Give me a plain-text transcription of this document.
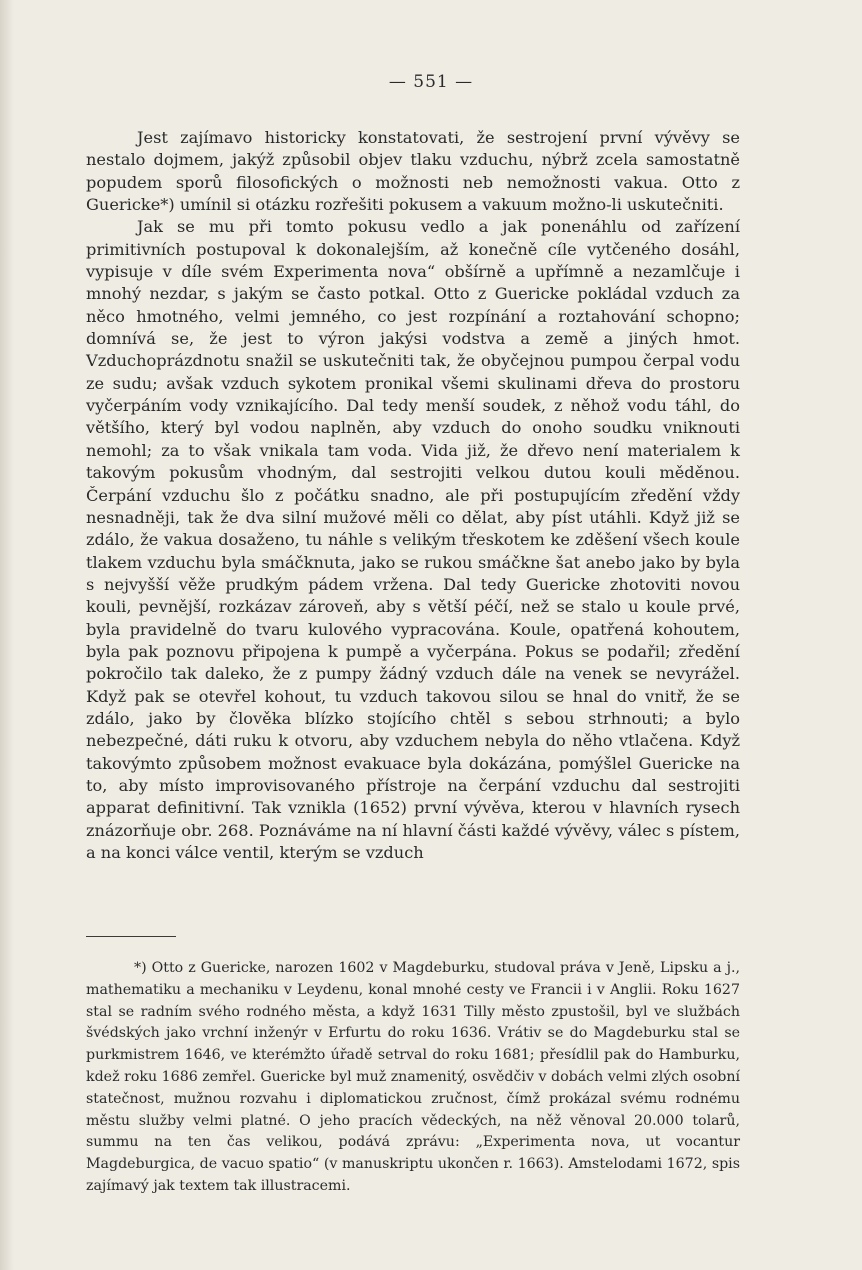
— 551 —

Jest zajímavo historicky konstatovati, že sestrojení první vývěvy se nestalo dojmem, jakýž způsobil objev tlaku vzduchu, nýbrž zcela samostatně popudem sporů filosofických o možnosti neb nemožnosti vakua. Otto z Guericke*) umínil si otázku rozřešiti pokusem a vakuum možno-li uskutečniti.

Jak se mu při tomto pokusu vedlo a jak ponenáhlu od zařízení primitivních postupoval k dokonalejším, až konečně cíle vytčeného dosáhl, vypisuje v díle svém Experimenta nova“ obšírně a upřímně a nezamlčuje i mnohý nezdar, s jakým se často potkal. Otto z Guericke pokládal vzduch za něco hmotného, velmi jemného, co jest rozpínání a roztahování schopno; domnívá se, že jest to výron jakýsi vodstva a země a jiných hmot. Vzduchoprázdnotu snažil se uskutečniti tak, že obyčejnou pumpou čerpal vodu ze sudu; avšak vzduch sykotem pronikal všemi skulinami dřeva do prostoru vyčerpáním vody vznikajícího. Dal tedy menší soudek, z něhož vodu táhl, do většího, který byl vodou naplněn, aby vzduch do onoho soudku vniknouti nemohl; za to však vnikala tam voda. Vida již, že dřevo není materialem k takovým pokusům vhodným, dal sestrojiti velkou dutou kouli měděnou. Čerpání vzduchu šlo z počátku snadno, ale při postupujícím zředění vždy nesnadněji, tak že dva silní mužové měli co dělat, aby píst utáhli. Když již se zdálo, že vakua dosaženo, tu náhle s velikým třeskotem ke zděšení všech koule tlakem vzduchu byla smáčknuta, jako se rukou smáčkne šat anebo jako by byla s nejvyšší věže prudkým pádem vržena. Dal tedy Guericke zhotoviti novou kouli, pevnější, rozkázav zároveň, aby s větší péčí, než se stalo u koule prvé, byla pravidelně do tvaru kulového vypracována. Koule, opatřená kohoutem, byla pak poznovu připojena k pumpě a vyčerpána. Pokus se podařil; zředění pokročilo tak daleko, že z pumpy žádný vzduch dále na venek se nevyrážel. Když pak se otevřel kohout, tu vzduch takovou silou se hnal do vnitř, že se zdálo, jako by člověka blízko stojícího chtěl s sebou strhnouti; a bylo nebezpečné, dáti ruku k otvoru, aby vzduchem nebyla do něho vtlačena. Když takovýmto způsobem možnost evakuace byla dokázána, pomýšlel Guericke na to, aby místo improvisovaného přístroje na čerpání vzduchu dal sestrojiti apparat definitivní. Tak vznikla (1652) první vývěva, kterou v hlavních rysech znázorňuje obr. 268. Poznáváme na ní hlavní části každé vývěvy, válec s pístem, a na konci válce ventil, kterým se vzduch

*) Otto z Guericke, narozen 1602 v Magdeburku, studoval práva v Jeně, Lipsku a j., mathematiku a mechaniku v Leydenu, konal mnohé cesty ve Francii i v Anglii. Roku 1627 stal se radním svého rodného města, a když 1631 Tilly město zpustošil, byl ve službách švédských jako vrchní inženýr v Erfurtu do roku 1636. Vrátiv se do Magdeburku stal se purkmistrem 1646, ve kterémžto úřadě setrval do roku 1681; přesídlil pak do Hamburku, kdež roku 1686 zemřel. Guericke byl muž znamenitý, osvědčiv v dobách velmi zlých osobní statečnost, mužnou rozvahu i diplomatickou zručnost, čímž prokázal svému rodnému městu služby velmi platné. O jeho pracích vědeckých, na něž věnoval 20.000 tolarů, summu na ten čas velikou, podává zprávu: „Experimenta nova, ut vocantur Magdeburgica, de vacuo spatio“ (v manuskriptu ukončen r. 1663). Amstelodami 1672, spis zajímavý jak textem tak illustracemi.
